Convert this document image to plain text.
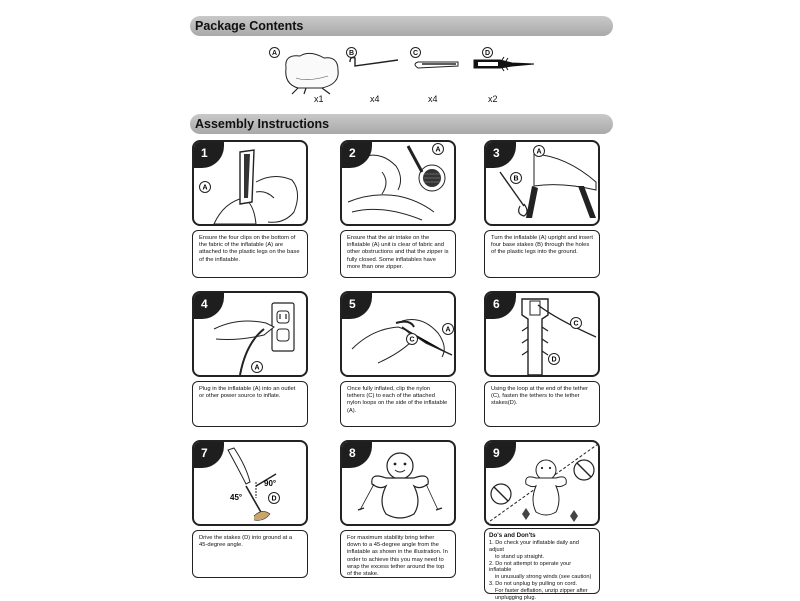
Package Contents
A
x1
B
x4
C
x4
D
x2
Assembly Instructions
1
A
Ensure the four clips on the bottom of the fabric of the inflatable (A) are attached to the plastic legs on the base of the inflatable.
2	A
Ensure that the air intake on the inflatable (A) unit is clear of fabric and other obstructions and that the zipper is fully closed. Some inflatables have more than one zipper.
3	A
B
Turn the inflatable (A) upright and insert four base stakes (B) through the holes of the plastic legs into the ground.
4
A
Plug in the inflatable (A) into an outlet or other power source to inflate.
5
A
C
Once fully inflated, clip the nylon tethers (C) to each of the attached nylon loops on the side of the inflatable (A).
6
C
D
Using the loop at the end of the tether (C), fasten the tethers to the tether stakes(D).
7
90°
45°	D
Drive the stakes (D) into ground at a 45-degree angle.
8
For maximum stability bring tether down to a 45-degree angle from the inflatable as shown in the illustration. In order to achieve this you may need to wrap the excess tether around the top of the stake.
9
Do's and Don'ts
1. Do check your inflatable daily and adjust
to stand up straight.
2. Do not attempt to operate your inflatable
in unusually strong winds (see caution)
3. Do not unplug by pulling on cord.
For faster deflation, unzip zipper after
unplugging plug.
